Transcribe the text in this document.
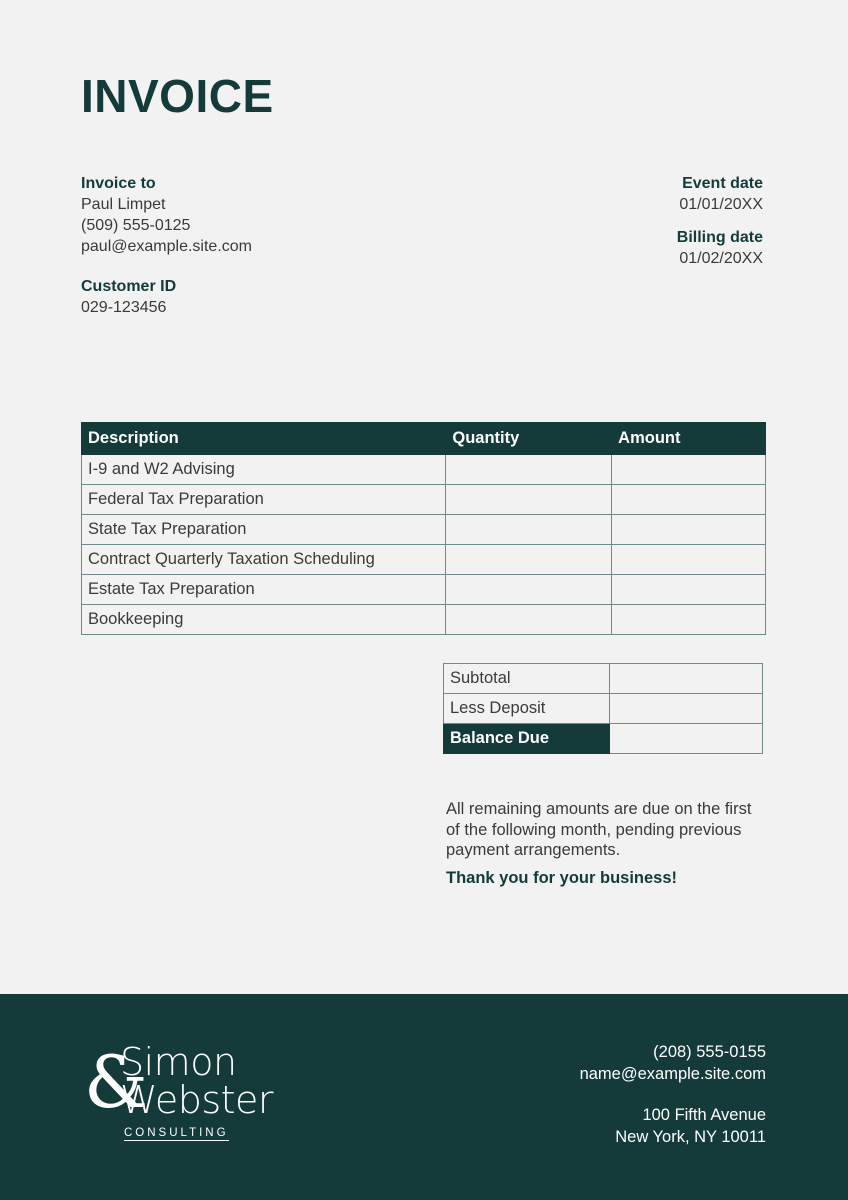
INVOICE
Invoice to
Paul Limpet
(509) 555-0125
paul@example.site.com
Customer ID
029-123456
Event date
01/01/20XX
Billing date
01/02/20XX
Description	Quantity	Amount
I-9 and W2 Advising		
Federal Tax Preparation		
State Tax Preparation		
Contract Quarterly Taxation Scheduling		
Estate Tax Preparation		
Bookkeeping		
Subtotal	
Less Deposit	
Balance Due	
All remaining amounts are due on the first of the following month, pending previous payment arrangements.
Thank you for your business!
&
Simon
Webster
CONSULTING
(208) 555-0155
name@example.site.com
100 Fifth Avenue
New York, NY 10011
